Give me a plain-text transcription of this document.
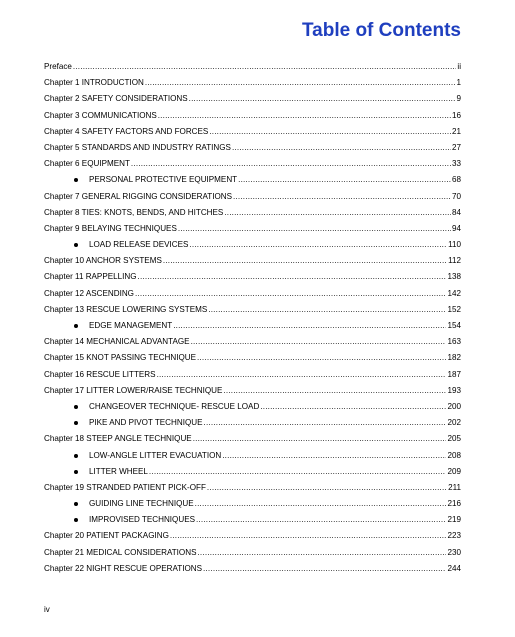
Table of Contents
Preface .....	ii
Chapter 1 INTRODUCTION .....	1
Chapter 2 SAFETY CONSIDERATIONS .....	9
Chapter 3 COMMUNICATIONS .....	16
Chapter 4 SAFETY FACTORS AND FORCES .....	21
Chapter 5 STANDARDS AND INDUSTRY RATINGS .....	27
Chapter 6 EQUIPMENT .....	33
PERSONAL PROTECTIVE EQUIPMENT .....	68
Chapter 7 GENERAL RIGGING CONSIDERATIONS .....	70
Chapter 8 TIES: KNOTS, BENDS, AND HITCHES .....	84
Chapter 9 BELAYING TECHNIQUES .....	94
LOAD RELEASE DEVICES .....	110
Chapter 10 ANCHOR SYSTEMS .....	112
Chapter 11 RAPPELLING .....	138
Chapter 12 ASCENDING .....	142
Chapter 13 RESCUE LOWERING SYSTEMS .....	152
EDGE MANAGEMENT .....	154
Chapter 14 MECHANICAL ADVANTAGE .....	163
Chapter 15 KNOT PASSING TECHNIQUE .....	182
Chapter 16 RESCUE LITTERS .....	187
Chapter 17 LITTER LOWER/RAISE TECHNIQUE .....	193
CHANGEOVER TECHNIQUE- RESCUE LOAD .....	200
PIKE AND PIVOT TECHNIQUE .....	202
Chapter 18 STEEP ANGLE TECHNIQUE .....	205
LOW-ANGLE LITTER EVACUATION .....	208
LITTER WHEEL .....	209
Chapter 19 STRANDED PATIENT PICK-OFF .....	211
GUIDING LINE TECHNIQUE .....	216
IMPROVISED TECHNIQUES .....	219
Chapter 20 PATIENT PACKAGING .....	223
Chapter 21 MEDICAL CONSIDERATIONS .....	230
Chapter 22 NIGHT RESCUE OPERATIONS .....	244

iv
